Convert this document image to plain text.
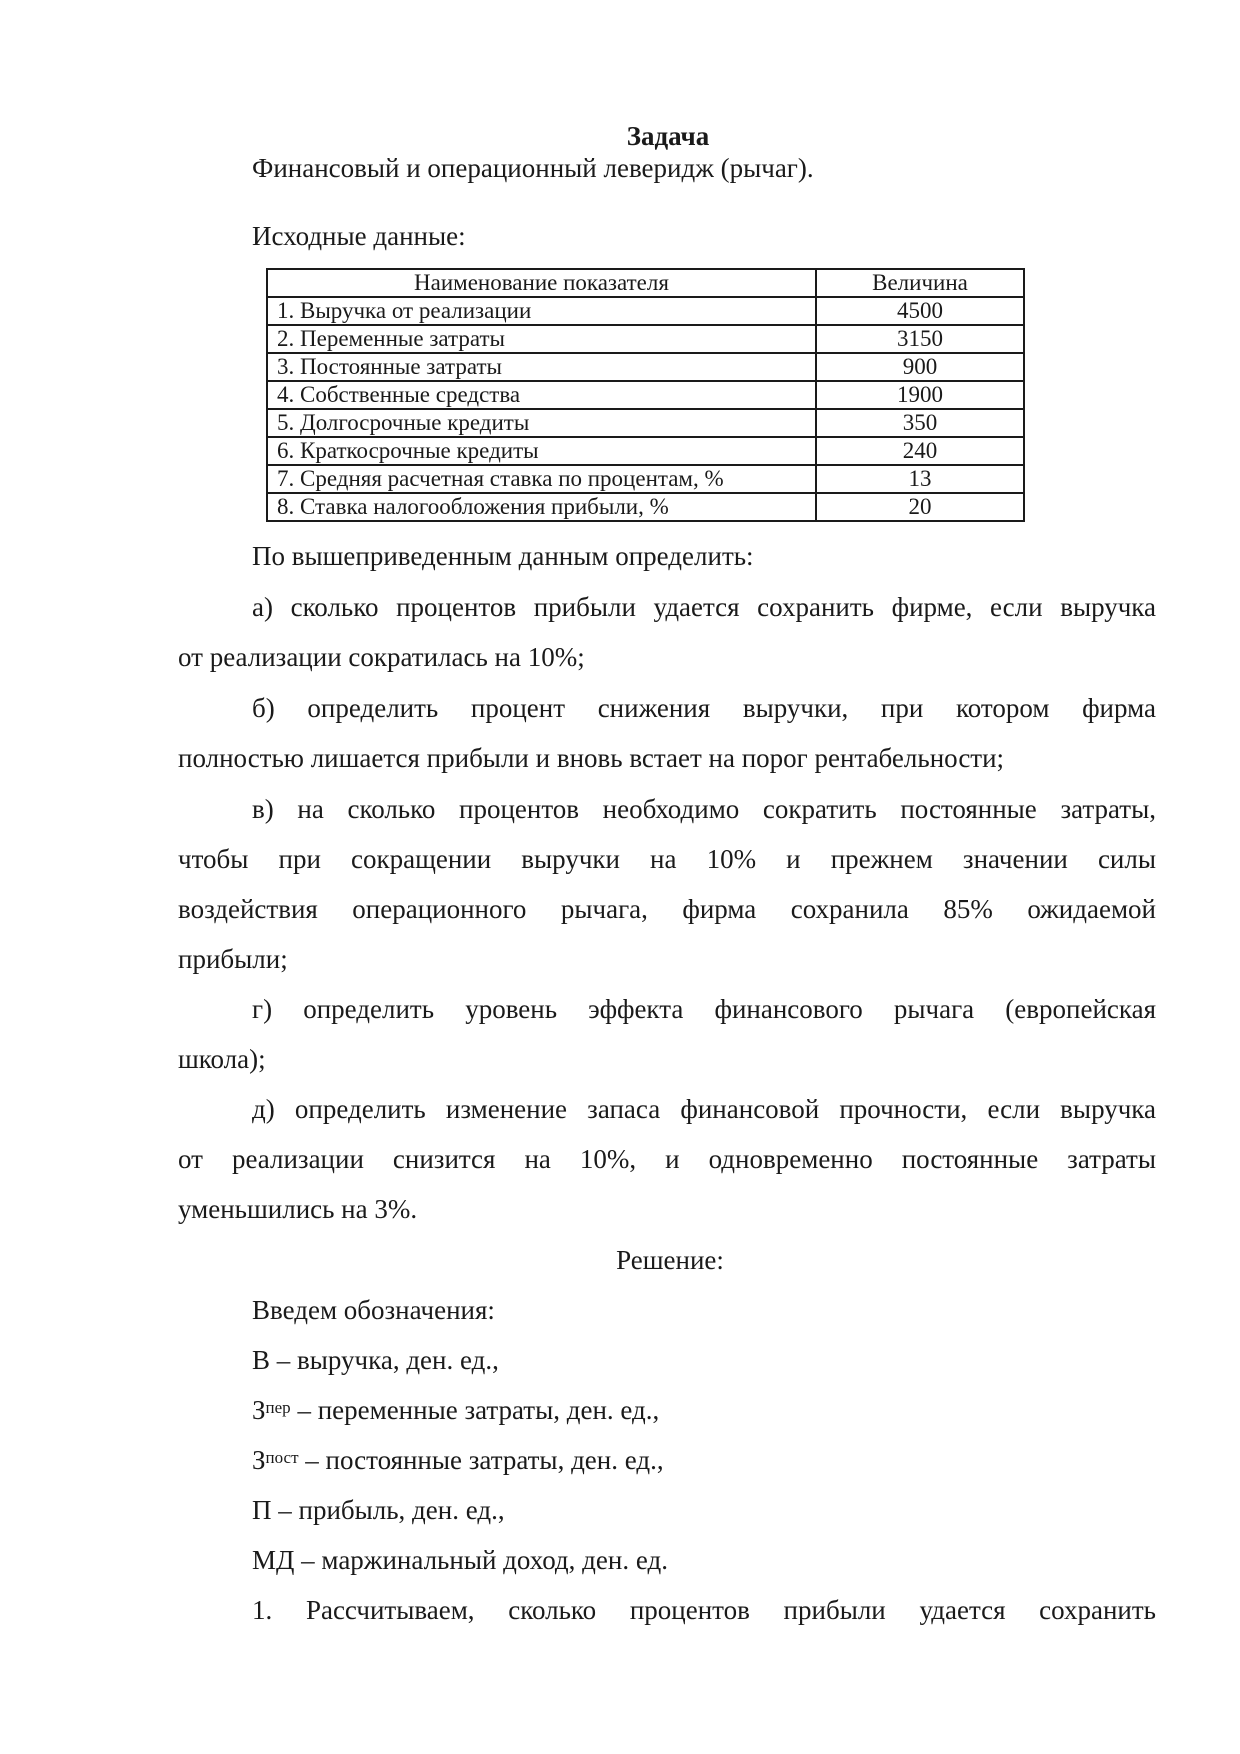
Задача

Финансовый и операционный леверидж (рычаг).

Исходные данные:

Наименование показателя	Величина
1. Выручка от реализации	4500
2. Переменные затраты	3150
3. Постоянные затраты	900
4. Собственные средства	1900
5. Долгосрочные кредиты	350
6. Краткосрочные кредиты	240
7. Средняя расчетная ставка по процентам, %	13
8. Ставка налогообложения прибыли, %	20

По вышеприведенным данным определить:

а) сколько процентов прибыли удается сохранить фирме, если выручка

от реализации сократилась на 10%;

б) определить процент снижения выручки, при котором фирма

полностью лишается прибыли и вновь встает на порог рентабельности;

в) на сколько процентов необходимо сократить постоянные затраты,

чтобы при сокращении выручки на 10% и прежнем значении силы

воздействия операционного рычага, фирма сохранила 85% ожидаемой

прибыли;

г) определить уровень эффекта финансового рычага (европейская

школа);

д) определить изменение запаса финансовой прочности, если выручка

от реализации снизится на 10%, и одновременно постоянные затраты

уменьшились на 3%.

Решение:

Введем обозначения:

В – выручка, ден. ед.,

$З^{пер}$ – переменные затраты, ден. ед.,

$З^{пост}$ – постоянные затраты, ден. ед.,

П – прибыль, ден. ед.,

МД – маржинальный доход, ден. ед.

1. Рассчитываем, сколько процентов прибыли удается сохранить
